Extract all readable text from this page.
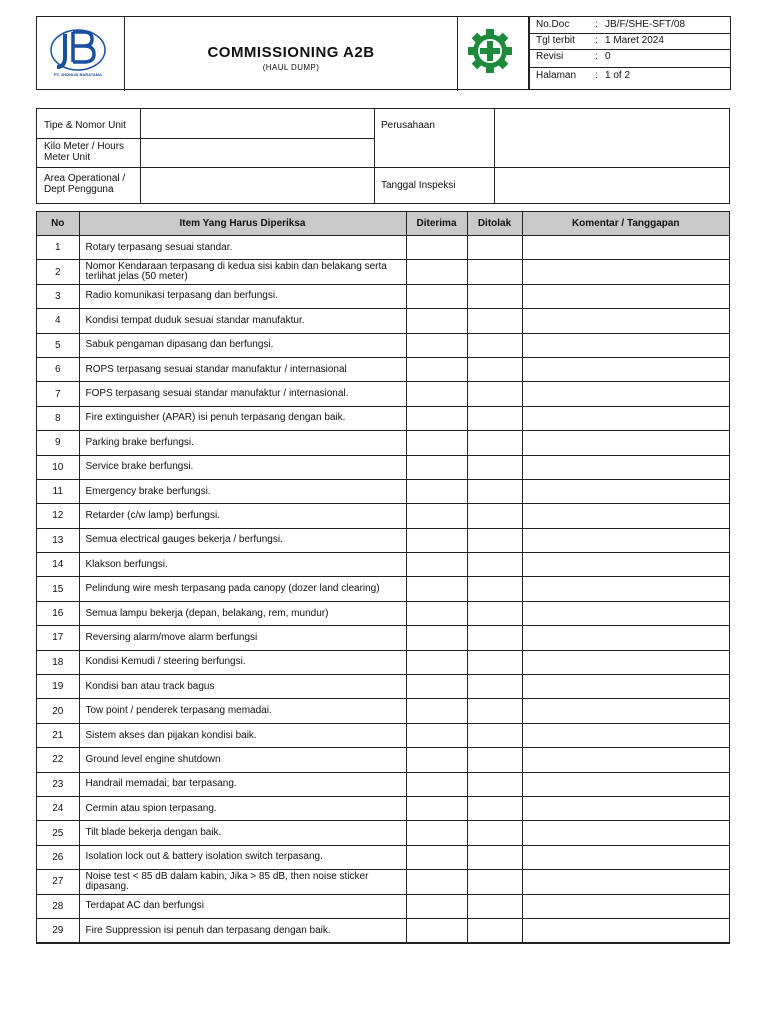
PT. JHONLIN BARATAMA
COMMISSIONING A2B
(HAUL DUMP)
No.Doc	: JB/F/SHE-SFT/08
Tgl terbit : 1 Maret 2024
Revisi	: 0
Halaman : 1 of 2
Tipe & Nomor Unit
Kilo Meter / Hours Meter Unit
Area Operational / Dept Pengguna
Perusahaan
Tanggal Inspeksi
No	Item Yang Harus Diperiksa	Diterima	Ditolak	Komentar / Tanggapan
1	Rotary terpasang sesuai standar.			
2	Nomor Kendaraan terpasang di kedua sisi kabin dan belakang serta terlihat jelas (50 meter)			
3	Radio komunikasi terpasang dan berfungsi.			
4	Kondisi tempat duduk sesuai standar manufaktur.			
5	Sabuk pengaman dipasang dan berfungsi.			
6	ROPS terpasang sesuai standar manufaktur / internasional			
7	FOPS terpasang sesuai standar manufaktur / internasional.			
8	Fire extinguisher (APAR) isi penuh terpasang dengan baik.			
9	Parking brake berfungsi.			
10	Service brake berfungsi.			
11	Emergency brake berfungsi.			
12	Retarder (c/w lamp) berfungsi.			
13	Semua electrical gauges bekerja / berfungsi.			
14	Klakson berfungsi.			
15	Pelindung wire mesh terpasang pada canopy (dozer land clearing)			
16	Semua lampu bekerja (depan, belakang, rem, mundur)			
17	Reversing alarm/move alarm berfungsi			
18	Kondisi Kemudi / steering berfungsi.			
19	Kondisi ban atau track bagus			
20	Tow point / penderek terpasang memadai.			
21	Sistem akses dan pijakan kondisi baik.			
22	Ground level engine shutdown			
23	Handrail memadai; bar terpasang.			
24	Cermin atau spion terpasang.			
25	Tilt blade bekerja dengan baik.			
26	Isolation lock out & battery isolation switch terpasang.			
27	Noise test < 85 dB dalam kabin, Jika > 85 dB, then noise sticker dipasang.			
28	Terdapat AC dan berfungsi			
29	Fire Suppression isi penuh dan terpasang dengan baik.			
